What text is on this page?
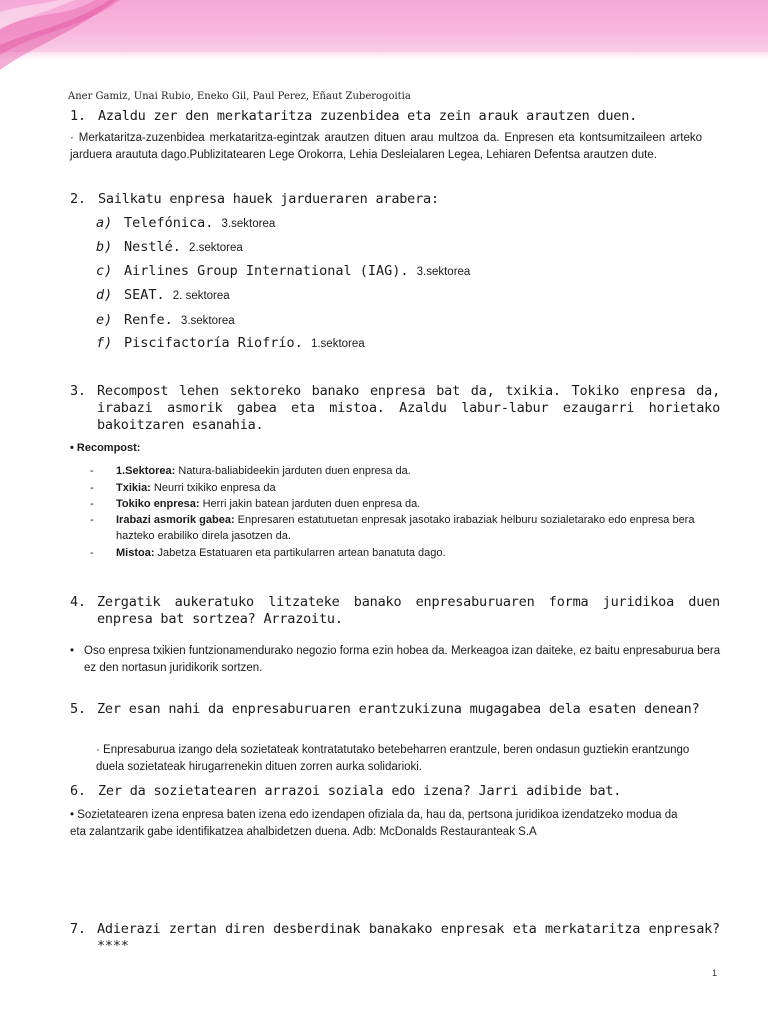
Aner Gamiz, Unai Rubio, Eneko Gil, Paul Perez, Eñaut Zuberogoitia
1. Azaldu zer den merkataritza zuzenbidea eta zein arauk arautzen duen.
· Merkataritza-zuzenbidea merkataritza-egintzak arautzen dituen arau multzoa da. Enpresen eta kontsumitzaileen arteko jarduera araututa dago.Publizitatearen Lege Orokorra, Lehia Desleialaren Legea, Lehiaren Defentsa arautzen dute.
2. Sailkatu enpresa hauek jardueraren arabera:
a) Telefónica. 3.sektorea
b) Nestlé. 2.sektorea
c) Airlines Group International (IAG). 3.sektorea
d) SEAT. 2. sektorea
e) Renfe. 3.sektorea
f) Piscifactoría Riofrío. 1.sektorea
3. Recompost lehen sektoreko banako enpresa bat da, txikia. Tokiko enpresa da, irabazi asmorik gabea eta mistoa. Azaldu labur-labur ezaugarri horietako bakoitzaren esanahia.
• Recompost:
- 1.Sektorea: Natura-baliabideekin jarduten duen enpresa da.
- Txikia: Neurri txikiko enpresa da
- Tokiko enpresa: Herri jakin batean jarduten duen enpresa da.
- Irabazi asmorik gabea: Enpresaren estatutuetan enpresak jasotako irabaziak helburu sozialetarako edo enpresa bera hazteko erabiliko direla jasotzen da.
- Mistoa: Jabetza Estatuaren eta partikularren artean banatuta dago.
4. Zergatik aukeratuko litzateke banako enpresaburuaren forma juridikoa duen enpresa bat sortzea? Arrazoitu.
• Oso enpresa txikien funtzionamendurako negozio forma ezin hobea da. Merkeagoa izan daiteke, ez baitu enpresaburua bera ez den nortasun juridikorik sortzen.
5. Zer esan nahi da enpresaburuaren erantzukizuna mugagabea dela esaten denean?
· Enpresaburua izango dela sozietateak kontratatutako betebeharren erantzule, beren ondasun guztiekin erantzungo duela sozietateak hirugarrenekin dituen zorren aurka solidarioki.
6. Zer da sozietatearen arrazoi soziala edo izena? Jarri adibide bat.
• Sozietatearen izena enpresa baten izena edo izendapen ofiziala da, hau da, pertsona juridikoa izendatzeko modua da eta zalantzarik gabe identifikatzea ahalbidetzen duena. Adb: McDonalds Restauranteak S.A
7. Adierazi zertan diren desberdinak banakako enpresak eta merkataritza enpresak?****
1
